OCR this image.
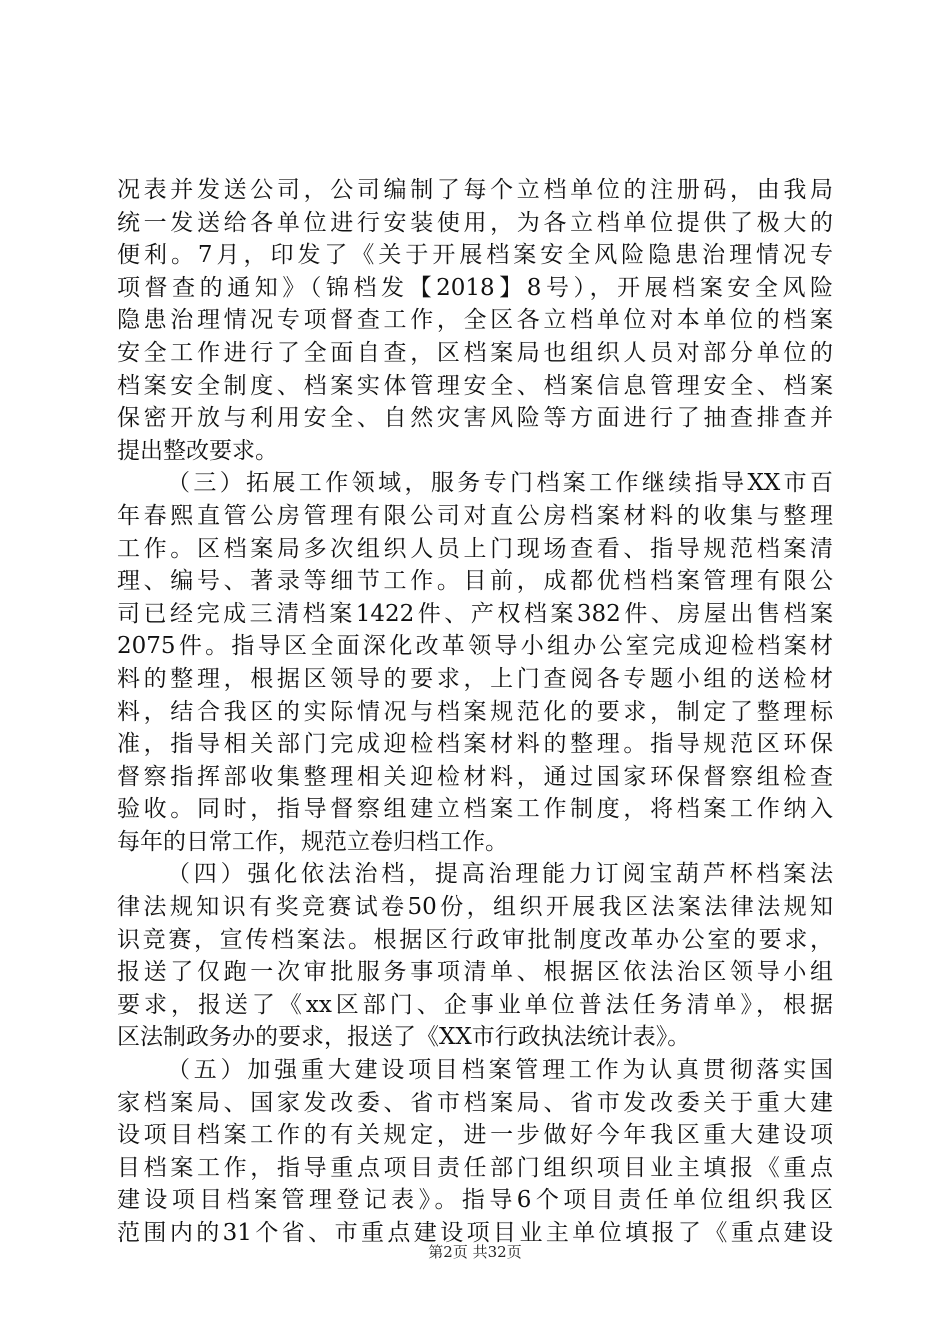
况表并发送公司，公司编制了每个立档单位的注册码，由我局
统一发送给各单位进行安装使用，为各立档单位提供了极大的
便利。7月，印发了《关于开展档案安全风险隐患治理情况专
项督查的通知》（锦档发【2018】8号），开展档案安全风险
隐患治理情况专项督查工作，全区各立档单位对本单位的档案
安全工作进行了全面自查，区档案局也组织人员对部分单位的
档案安全制度、档案实体管理安全、档案信息管理安全、档案
保密开放与利用安全、自然灾害风险等方面进行了抽查排查并
提出整改要求。
（三）拓展工作领域，服务专门档案工作继续指导XX市百
年春熙直管公房管理有限公司对直公房档案材料的收集与整理
工作。区档案局多次组织人员上门现场查看、指导规范档案清
理、编号、著录等细节工作。目前，成都优档档案管理有限公
司已经完成三清档案1422件、产权档案382件、房屋出售档案
2075件。指导区全面深化改革领导小组办公室完成迎检档案材
料的整理，根据区领导的要求，上门查阅各专题小组的送检材
料，结合我区的实际情况与档案规范化的要求，制定了整理标
准，指导相关部门完成迎检档案材料的整理。指导规范区环保
督察指挥部收集整理相关迎检材料，通过国家环保督察组检查
验收。同时，指导督察组建立档案工作制度，将档案工作纳入
每年的日常工作，规范立卷归档工作。
（四）强化依法治档，提高治理能力订阅宝葫芦杯档案法
律法规知识有奖竞赛试卷50份，组织开展我区法案法律法规知
识竞赛，宣传档案法。根据区行政审批制度改革办公室的要求，
报送了仅跑一次审批服务事项清单、根据区依法治区领导小组
要求，报送了《xx区部门、企事业单位普法任务清单》，根据
区法制政务办的要求，报送了《XX市行政执法统计表》。
（五）加强重大建设项目档案管理工作为认真贯彻落实国
家档案局、国家发改委、省市档案局、省市发改委关于重大建
设项目档案工作的有关规定，进一步做好今年我区重大建设项
目档案工作，指导重点项目责任部门组织项目业主填报《重点
建设项目档案管理登记表》。指导6个项目责任单位组织我区
范围内的31个省、市重点建设项目业主单位填报了《重点建设
第2页 共32页
